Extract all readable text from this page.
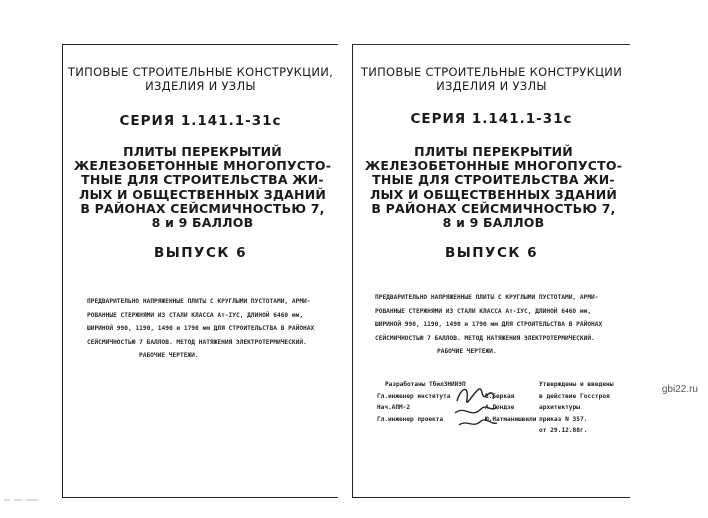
ТИПОВЫЕ СТРОИТЕЛЬНЫЕ КОНСТРУКЦИИ,
ИЗДЕЛИЯ И УЗЛЫ
СЕРИЯ 1.141.1-31с
ПЛИТЫ ПЕРЕКРЫТИЙ
ЖЕЛЕЗОБЕТОННЫЕ МНОГОПУСТО-
ТНЫЕ ДЛЯ СТРОИТЕЛЬСТВА ЖИ-
ЛЫХ И ОБЩЕСТВЕННЫХ ЗДАНИЙ
В РАЙОНАХ СЕЙСМИЧНОСТЬЮ 7,
8 и 9 БАЛЛОВ
ВЫПУСК 6
ПРЕДВАРИТЕЛЬНО НАПРЯЖЕННЫЕ ПЛИТЫ С КРУГЛЫМИ ПУСТОТАМИ, АРМИ-
РОВАННЫЕ СТЕРЖНЯМИ ИЗ СТАЛИ КЛАССА Ат-IУС, ДЛИНОЙ 6460 мм,
ШИРИНОЙ 990, 1190, 1490 и 1790 мм ДЛЯ СТРОИТЕЛЬСТВА В РАЙОНАХ
СЕЙСМИЧНОСТЬЮ 7 БАЛЛОВ. МЕТОД НАТЯЖЕНИЯ ЭЛЕКТРОТЕРМИЧЕСКИЙ.
РАБОЧИЕ ЧЕРТЕЖИ.
ТИПОВЫЕ СТРОИТЕЛЬНЫЕ КОНСТРУКЦИИ
ИЗДЕЛИЯ И УЗЛЫ
СЕРИЯ 1.141.1-31с
ПЛИТЫ ПЕРЕКРЫТИЙ
ЖЕЛЕЗОБЕТОННЫЕ МНОГОПУСТО-
ТНЫЕ ДЛЯ СТРОИТЕЛЬСТВА ЖИ-
ЛЫХ И ОБЩЕСТВЕННЫХ ЗДАНИЙ
В РАЙОНАХ СЕЙСМИЧНОСТЬЮ 7,
8 и 9 БАЛЛОВ
ВЫПУСК 6
ПРЕДВАРИТЕЛЬНО НАПРЯЖЕННЫЕ ПЛИТЫ С КРУГЛЫМИ ПУСТОТАМИ, АРМИ-
РОВАННЫЕ СТЕРЖНЯМИ ИЗ СТАЛИ КЛАССА Ат-IУС, ДЛИНОЙ 6460 мм,
ШИРИНОЙ 990, 1190, 1490 и 1790 мм ДЛЯ СТРОИТЕЛЬСТВА В РАЙОНАХ
СЕЙСМИЧНОСТЬЮ 7 БАЛЛОВ. МЕТОД НАТЯЖЕНИЯ ЭЛЕКТРОТЕРМИЧЕСКИЙ.
РАБОЧИЕ ЧЕРТЕЖИ.
Разработаны ТбилЗНИИЭП
Гл.инженер института	В.Беркая
Нач.АПМ-2	А.Лондзе
Гл.инженер проекта	Ю.Натманишвили
Утверждены и введены
в действие Госстроя
архитектуры
приказ N 357.
от 29.12.88г.
gbi22.ru
